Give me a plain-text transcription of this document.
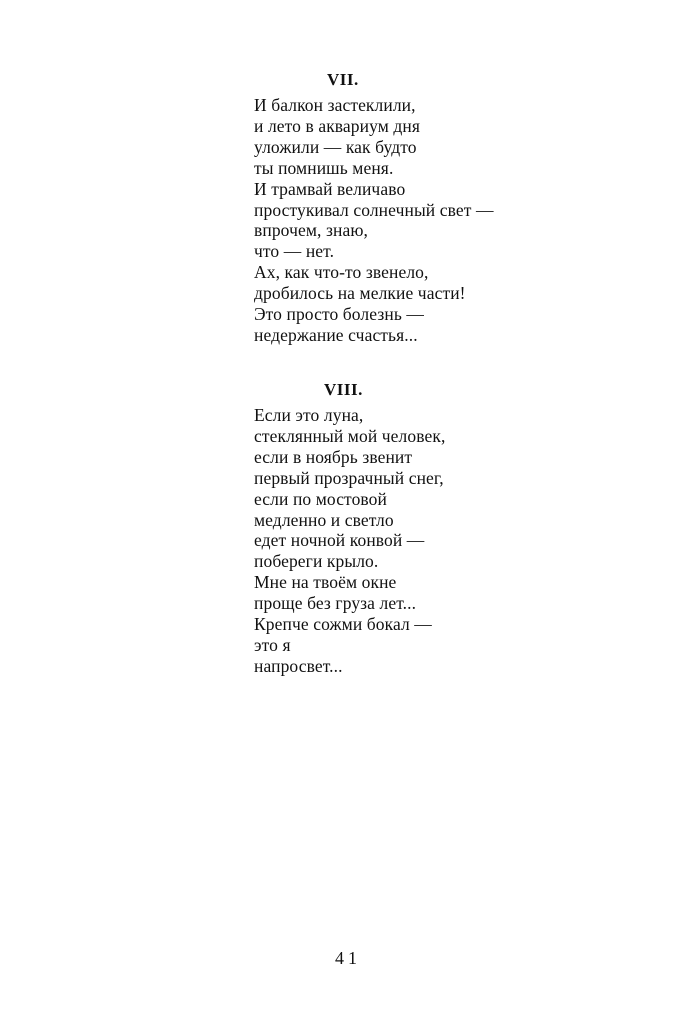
VII.
И балкон застеклили,
и лето в аквариум дня
уложили — как будто
ты помнишь меня.
И трамвай величаво
простукивал солнечный свет —
впрочем, знаю,
что — нет.
Ах, как что-то звенело,
дробилось на мелкие части!
Это просто болезнь —
недержание счастья...
VIII.
Если это луна,
стеклянный мой человек,
если в ноябрь звенит
первый прозрачный снег,
если по мостовой
медленно и светло
едет ночной конвой —
побереги крыло.
Мне на твоём окне
проще без груза лет...
Крепче сожми бокал —
это я
напросвет...
41
